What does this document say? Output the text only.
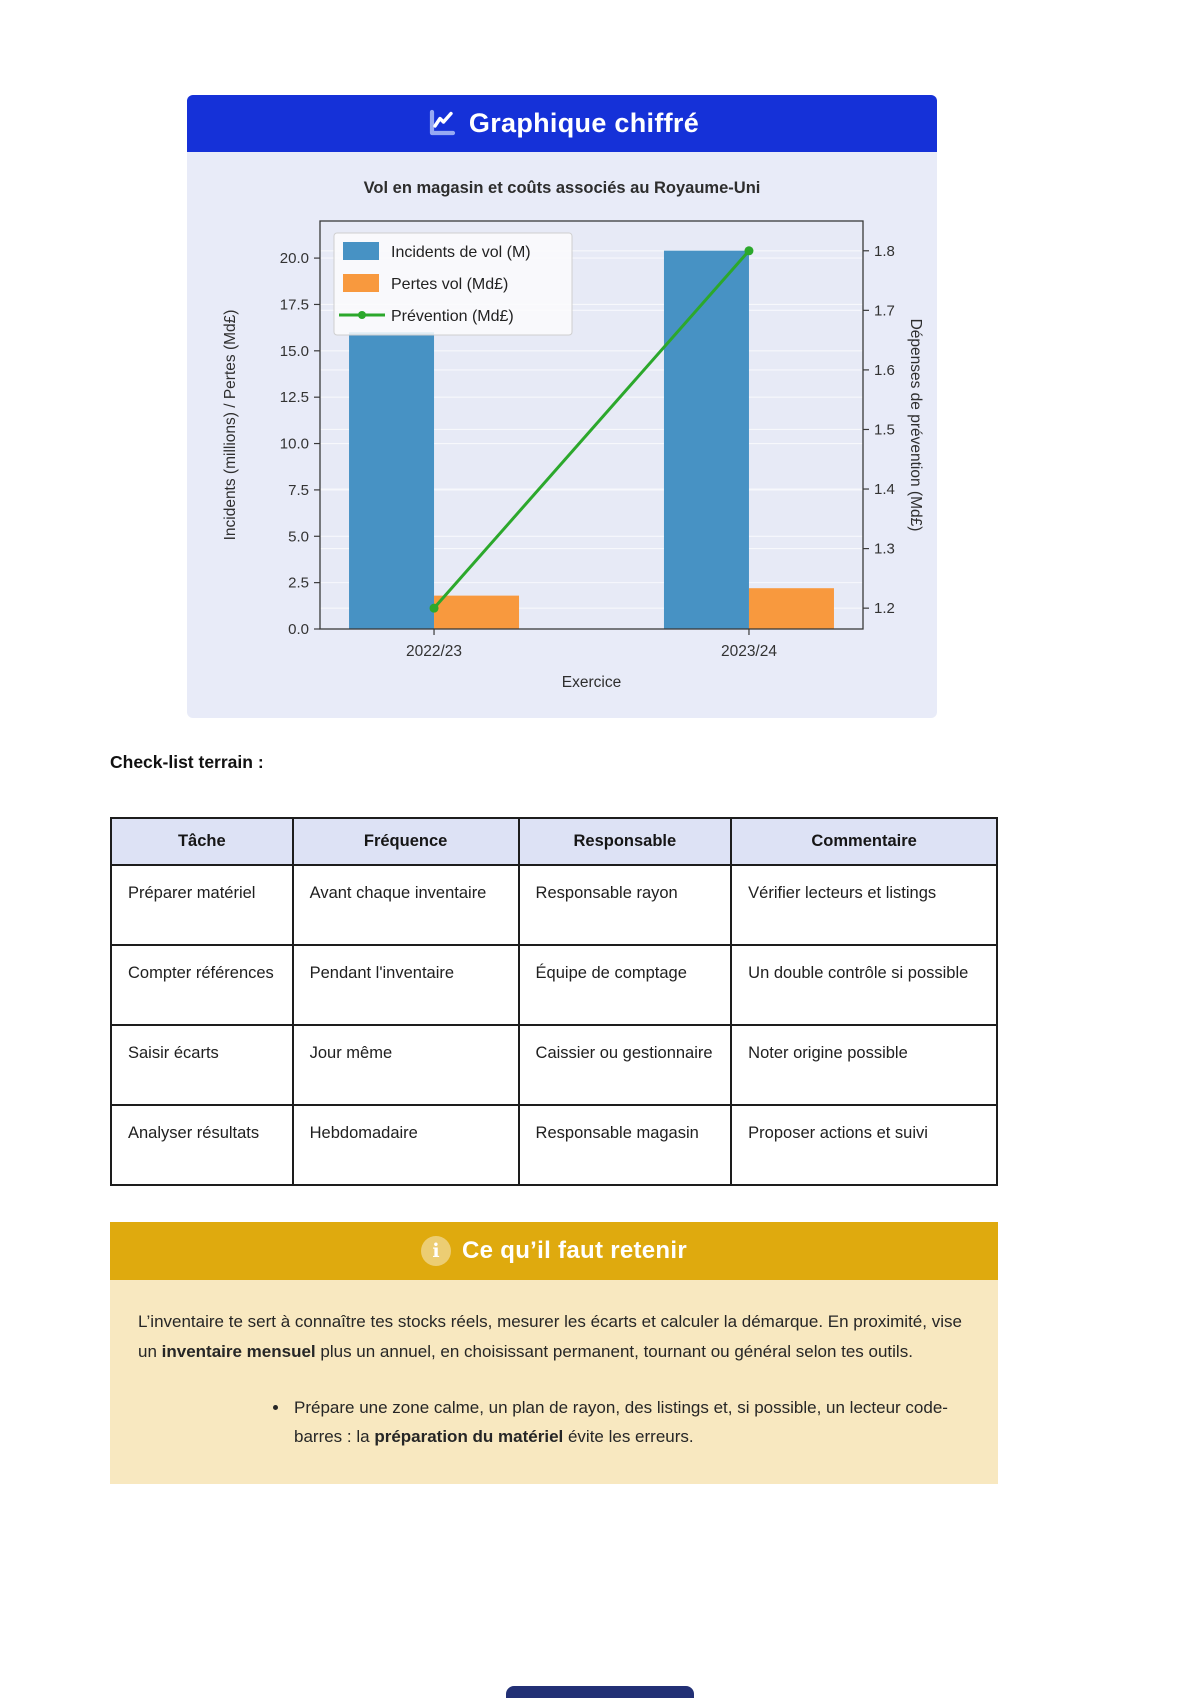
Graphique chiffré
Vol en magasin et coûts associés au Royaume-Uni
0.0
2.5
5.0
7.5
10.0
12.5
15.0
17.5
20.0
1.2
1.3
1.4
1.5
1.6
1.7
1.8
2022/23	2023/24
Exercice
Incidents (millions) / Pertes (Md£)	Dépenses de prévention (Md£)
Incidents de vol (M)
Pertes vol (Md£)
Prévention (Md£)
Check-list terrain :
Tâche	Fréquence	Responsable	Commentaire
Préparer matériel	Avant chaque inventaire	Responsable rayon	Vérifier lecteurs et listings
Compter références	Pendant l'inventaire	Équipe de comptage	Un double contrôle si possible
Saisir écarts	Jour même	Caissier ou gestionnaire	Noter origine possible
Analyser résultats	Hebdomadaire	Responsable magasin	Proposer actions et suivi
i Ce qu’il faut retenir

L’inventaire te sert à connaître tes stocks réels, mesurer les écarts et calculer la démarque. En proximité, vise un inventaire mensuel plus un annuel, en choisissant permanent, tournant ou général selon tes outils.

• Prépare une zone calme, un plan de rayon, des listings et, si possible, un lecteur code-barres : la préparation du matériel évite les erreurs.
